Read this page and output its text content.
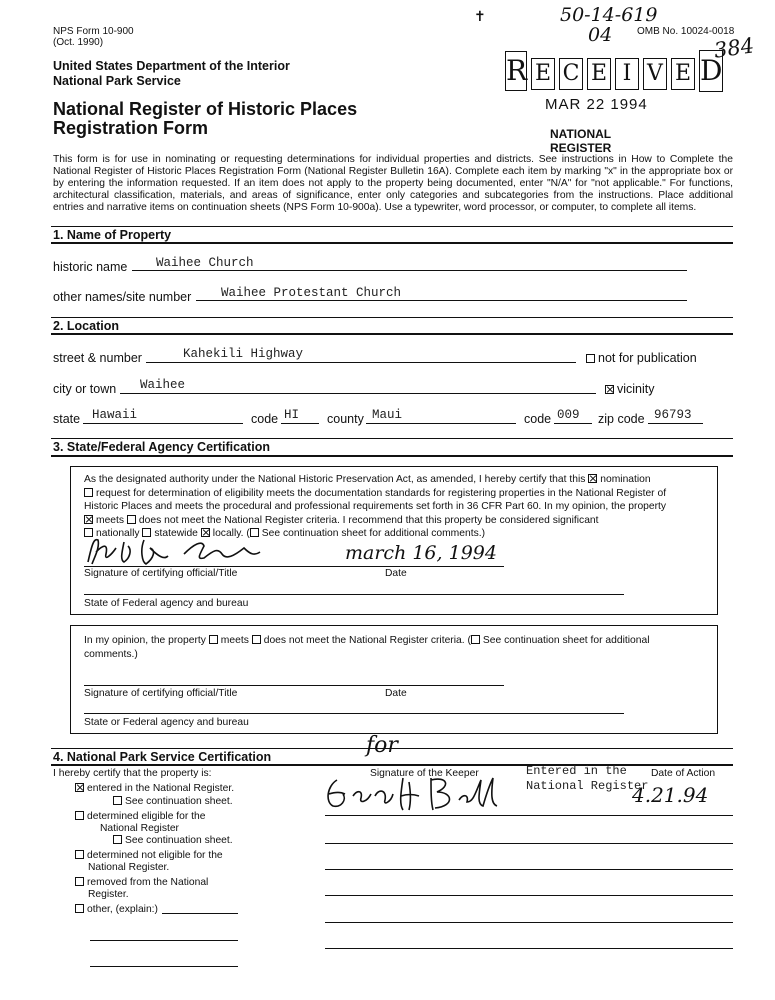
NPS Form 10-900
(Oct. 1990)
OMB No. 10024-0018
50-14-619
04	384
✝
United States Department of the Interior
National Park Service
National Register of Historic Places
Registration Form
R E C E I V E D
MAR 22 1994
NATIONAL
REGISTER
This form is for use in nominating or requesting determinations for individual properties and districts. See instructions in How to Complete the National Register of Historic Places Registration Form (National Register Bulletin 16A). Complete each item by marking "x" in the appropriate box or by entering the information requested. If an item does not apply to the property being documented, enter "N/A" for "not applicable." For functions, architectural classification, materials, and areas of significance, enter only categories and subcategories from the instructions. Place additional entries and narrative items on continuation sheets (NPS Form 10-900a). Use a typewriter, word processor, or computer, to complete all items.
1. Name of Property
historic name Waihee Church
other names/site number Waihee Protestant Church
2. Location
street & number	Kahekili Highway	not for publication
city or town Waihee	vicinity
state Hawaii	code HI county Maui	code 009 zip code 96793
3. State/Federal Agency Certification
As the designated authority under the National Historic Preservation Act, as amended, I hereby certify that this nomination
request for determination of eligibility meets the documentation standards for registering properties in the National Register of
Historic Places and meets the procedural and professional requirements set forth in 36 CFR Part 60. In my opinion, the property
meets does not meet the National Register criteria. I recommend that this property be considered significant
nationally statewide locally. ( See continuation sheet for additional comments.)
march 16, 1994
Signature of certifying official/Title	Date
State of Federal agency and bureau
In my opinion, the property meets does not meet the National Register criteria. ( See continuation sheet for additional
comments.)
Signature of certifying official/Title	Date
State or Federal agency and bureau
4. National Park Service Certification	for
I hereby certify that the property is:	Signature of the Keeper	Date of Action
Entered in the
National Register
4.21.94
entered in the National Register.
See continuation sheet.
determined eligible for the
National Register
See continuation sheet.
determined not eligible for the
National Register.
removed from the National
Register.
other, (explain:)
